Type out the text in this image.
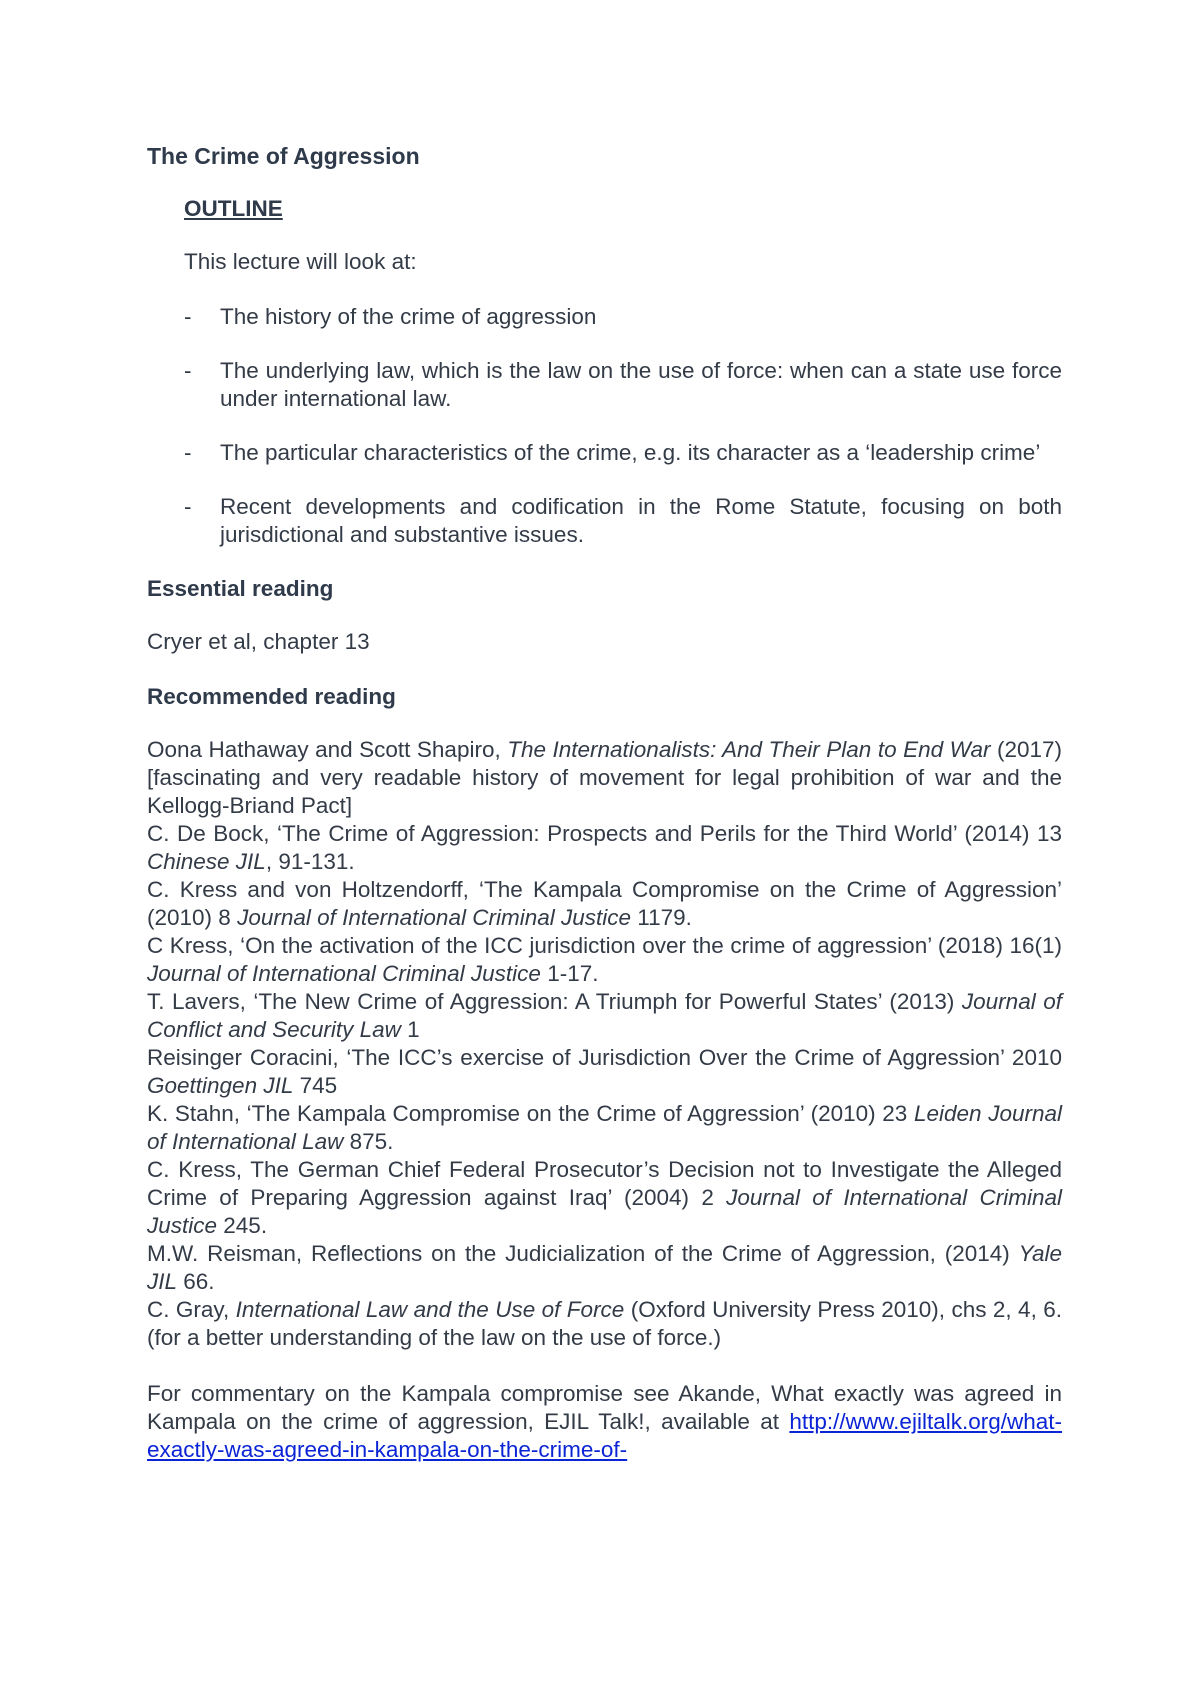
The Crime of Aggression
OUTLINE
This lecture will look at:
- The history of the crime of aggression
- The underlying law, which is the law on the use of force: when can a state use force under international law.
- The particular characteristics of the crime, e.g. its character as a ‘leadership crime’
- Recent developments and codification in the Rome Statute, focusing on both jurisdictional and substantive issues.
Essential reading
Cryer et al, chapter 13
Recommended reading

Oona Hathaway and Scott Shapiro, The Internationalists: And Their Plan to End War (2017) [fascinating and very readable history of movement for legal prohibition of war and the Kellogg-Briand Pact]

C. De Bock, ‘The Crime of Aggression: Prospects and Perils for the Third World’ (2014) 13 Chinese JIL, 91-131.

C. Kress and von Holtzendorff, ‘The Kampala Compromise on the Crime of Aggression’ (2010) 8 Journal of International Criminal Justice 1179.

C Kress, ‘On the activation of the ICC jurisdiction over the crime of aggression’ (2018) 16(1) Journal of International Criminal Justice 1-17.

T. Lavers, ‘The New Crime of Aggression: A Triumph for Powerful States’ (2013) Journal of Conflict and Security Law 1

Reisinger Coracini, ‘The ICC’s exercise of Jurisdiction Over the Crime of Aggression’ 2010 Goettingen JIL 745

K. Stahn, ‘The Kampala Compromise on the Crime of Aggression’ (2010) 23 Leiden Journal of International Law 875.

C. Kress, The German Chief Federal Prosecutor’s Decision not to Investigate the Alleged Crime of Preparing Aggression against Iraq’ (2004) 2 Journal of International Criminal Justice 245.

M.W. Reisman, Reflections on the Judicialization of the Crime of Aggression, (2014) Yale JIL 66.

C. Gray, International Law and the Use of Force (Oxford University Press 2010), chs 2, 4, 6. (for a better understanding of the law on the use of force.)

For commentary on the Kampala compromise see Akande, What exactly was agreed in Kampala on the crime of aggression, EJIL Talk!, available at http://www.ejiltalk.org/what-exactly-was-agreed-in-kampala-on-the-crime-of-
